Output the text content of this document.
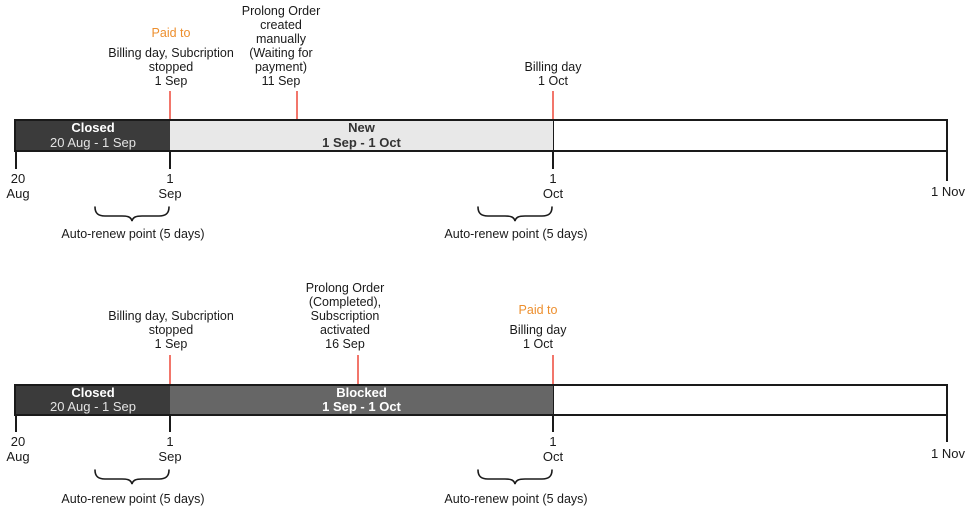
Paid to
Billing day, Subcription
stopped
1 Sep
Prolong Order
created
manually
(Waiting for
payment)
11 Sep
Billing day
1 Oct
Closed
20 Aug - 1 Sep
New
1 Sep - 1 Oct
20
Aug
1
Sep
1
Oct	1 Nov
Auto-renew point (5 days)	Auto-renew point (5 days)
Billing day, Subcription
stopped
1 Sep
Prolong Order
(Completed),
Subscription
activated
16 Sep
Paid to
Billing day
1 Oct
Closed
20 Aug - 1 Sep
Blocked
1 Sep - 1 Oct
20
Aug
1
Sep
1
Oct	1 Nov
Auto-renew point (5 days)	Auto-renew point (5 days)
